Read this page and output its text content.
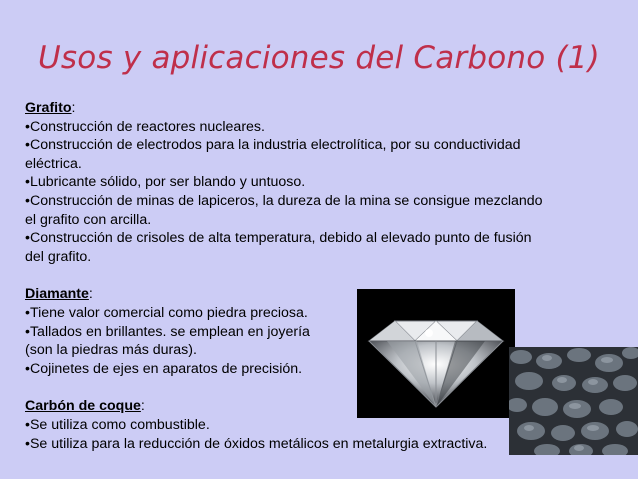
Usos y aplicaciones del Carbono (1)
Grafito:
•Construcción de reactores nucleares.
•Construcción de electrodos para la industria electrolítica, por su conductividad
eléctrica.
•Lubricante sólido, por ser blando y untuoso.
•Construcción de minas de lapiceros, la dureza de la mina se consigue mezclando
el grafito con arcilla.
•Construcción de crisoles de alta temperatura, debido al elevado punto de fusión
del grafito.
Diamante:
•Tiene valor comercial como piedra preciosa.
•Tallados en brillantes. se emplean en joyería
(son la piedras más duras).
•Cojinetes de ejes en aparatos de precisión.
Carbón de coque:
•Se utiliza como combustible.
•Se utiliza para la reducción de óxidos metálicos en metalurgia extractiva.
